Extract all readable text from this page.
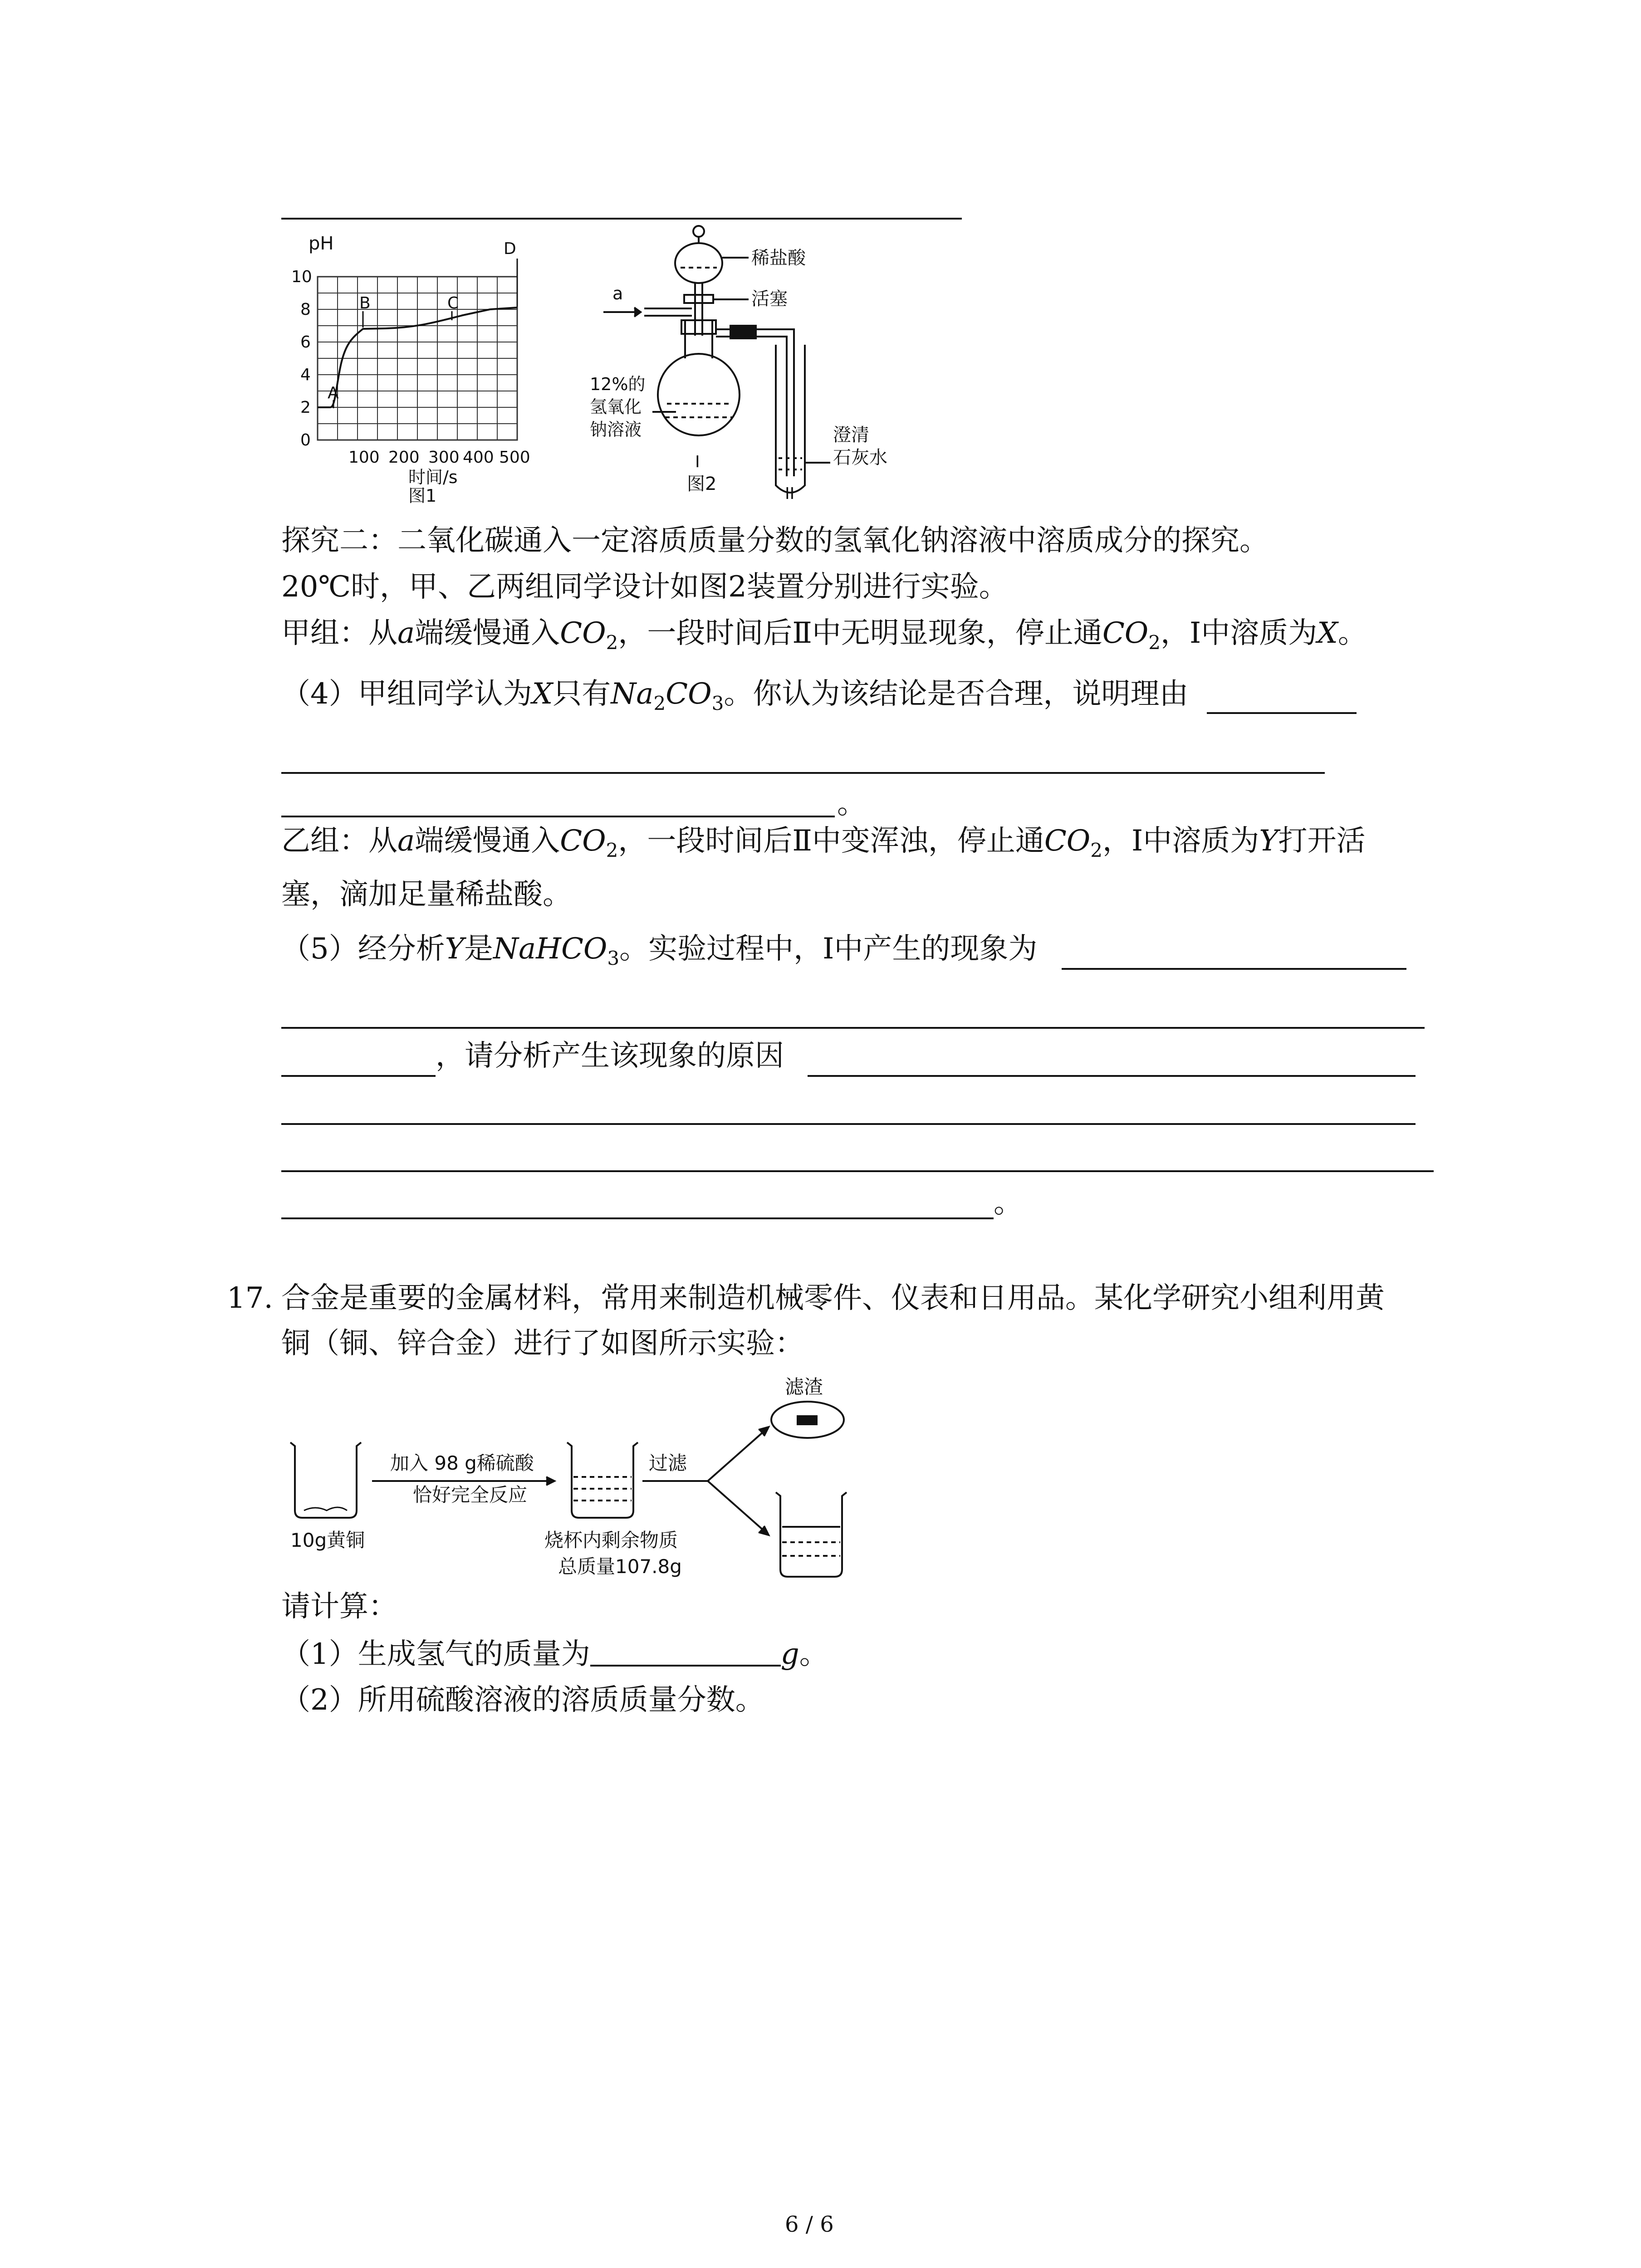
pH
10
8
6
4
2
0
100 200 300 400 500
时间/s
图1
A
B	C
D
a
稀盐酸
活塞
12%的
氢氧化
钠溶液	澄清
石灰水
I
图2	II
探究二：二氧化碳通入一定溶质质量分数的氢氧化钠溶液中溶质成分的探究。
20℃时，甲、乙两组同学设计如图2装置分别进行实验。
甲组：从a端缓慢通入$CO_2$，一段时间后Ⅱ中无明显现象，停止通$CO_2$，Ⅰ中溶质为X。
（4）甲组同学认为X只有$Na_2CO_3$。你认为该结论是否合理，说明理由
。
乙组：从a端缓慢通入$CO_2$，一段时间后Ⅱ中变浑浊，停止通$CO_2$，Ⅰ中溶质为Y打开活
塞，滴加足量稀盐酸。
（5）经分析Y是NaHCO$_3$。实验过程中，Ⅰ中产生的现象为
，请分析产生该现象的原因
。
17. 合金是重要的金属材料，常用来制造机械零件、仪表和日用品。某化学研究小组利用黄
铜（铜、锌合金）进行了如图所示实验：
加入 98 g稀硫酸
恰好完全反应
过滤
滤渣
10g黄铜	烧杯内剩余物质
总质量107.8g
请计算：
（1）生成氢气的质量为	g。
（2）所用硫酸溶液的溶质质量分数。
6 / 6
